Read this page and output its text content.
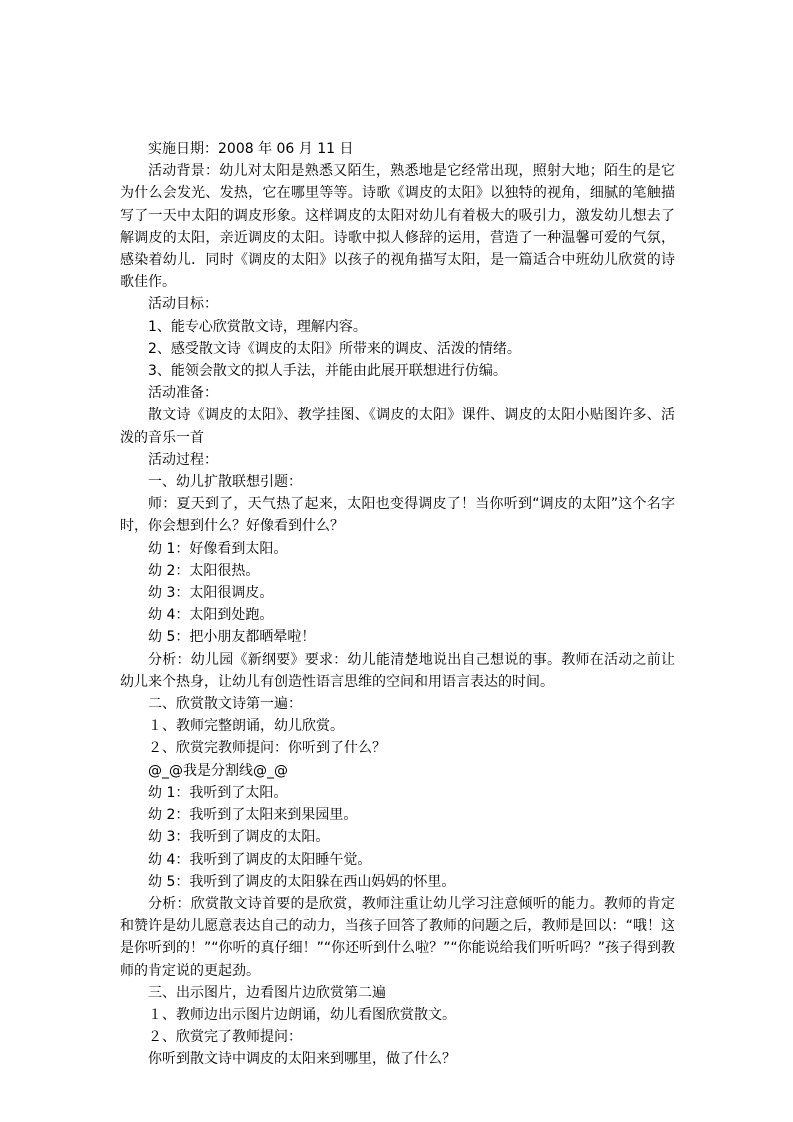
实施日期：2008 年 06 月 11 日

活动背景：幼儿对太阳是熟悉又陌生，熟悉地是它经常出现，照射大地；陌生的是它为什么会发光、发热，它在哪里等等。诗歌《调皮的太阳》以独特的视角，细腻的笔触描写了一天中太阳的调皮形象。这样调皮的太阳对幼儿有着极大的吸引力，激发幼儿想去了解调皮的太阳，亲近调皮的太阳。诗歌中拟人修辞的运用，营造了一种温馨可爱的气氛，感染着幼儿．同时《调皮的太阳》以孩子的视角描写太阳，是一篇适合中班幼儿欣赏的诗歌佳作。

活动目标：

1、能专心欣赏散文诗，理解内容。

2、感受散文诗《调皮的太阳》所带来的调皮、活泼的情绪。

3、能领会散文的拟人手法，并能由此展开联想进行仿编。

活动准备：

散文诗《调皮的太阳》、教学挂图、《调皮的太阳》课件、调皮的太阳小贴图许多、活泼的音乐一首

活动过程：

一、幼儿扩散联想引题：

师：夏天到了，天气热了起来，太阳也变得调皮了！当你听到“调皮的太阳”这个名字时，你会想到什么？好像看到什么？

幼 1：好像看到太阳。

幼 2：太阳很热。

幼 3：太阳很调皮。

幼 4：太阳到处跑。

幼 5：把小朋友都晒晕啦！

分析：幼儿园《新纲要》要求：幼儿能清楚地说出自己想说的事。教师在活动之前让幼儿来个热身，让幼儿有创造性语言思维的空间和用语言表达的时间。

二、欣赏散文诗第一遍：

１、教师完整朗诵，幼儿欣赏。

２、欣赏完教师提问：你听到了什么？

@_@我是分割线@_@

幼 1：我听到了太阳。

幼 2：我听到了太阳来到果园里。

幼 3：我听到了调皮的太阳。

幼 4：我听到了调皮的太阳睡午觉。

幼 5：我听到了调皮的太阳躲在西山妈妈的怀里。

分析：欣赏散文诗首要的是欣赏，教师注重让幼儿学习注意倾听的能力。教师的肯定和赞许是幼儿愿意表达自己的动力，当孩子回答了教师的问题之后，教师是回以：“哦！这是你听到的！”“你听的真仔细！”“你还听到什么啦？”“你能说给我们听听吗？”孩子得到教师的肯定说的更起劲。

三、出示图片，边看图片边欣赏第二遍

１、教师边出示图片边朗诵，幼儿看图欣赏散文。

２、欣赏完了教师提问：

你听到散文诗中调皮的太阳来到哪里，做了什么？
